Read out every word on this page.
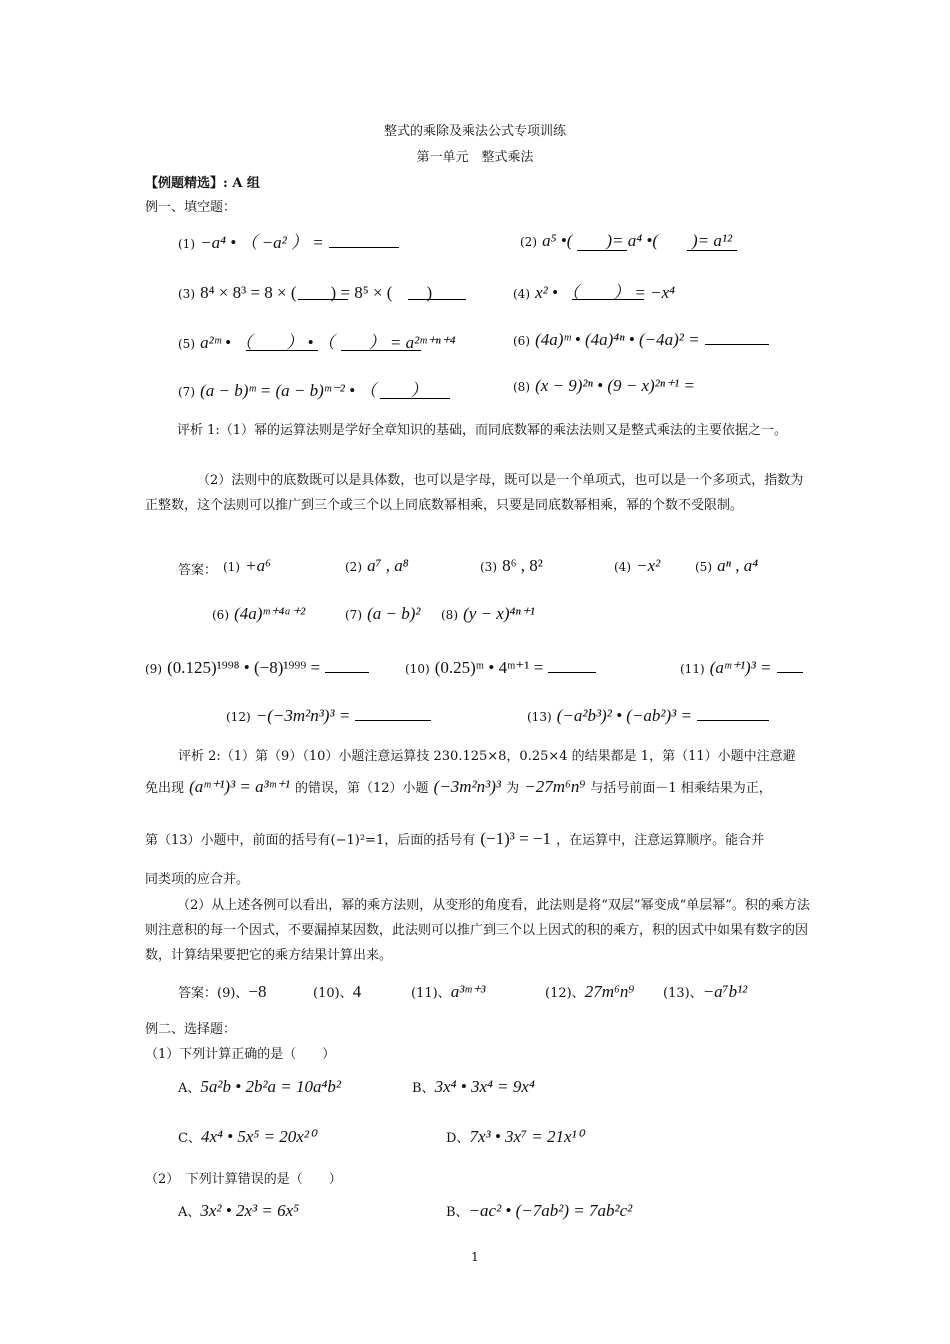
整式的乘除及乘法公式专项训练
第一单元　整式乘法
【例题精选】: A 组
例一、填空题：
(1) −a⁴ • （ −a² ） =	(2) a⁵ •(　　)= a⁴ •(　　)= a¹²
(3) 8⁴ × 8³ = 8 × (　　) = 8⁵ × (　　)	(4) x² • （　　） = −x⁴
(5) a²ᵐ • （　　） • （　　） = a²ᵐ⁺ⁿ⁺⁴	(6) (4a)ᵐ • (4a)⁴ⁿ • (−4a)² =
(7) (a − b)ᵐ = (a − b)ᵐ⁻² • （　　）	(8) (x − 9)²ⁿ • (9 − x)²ⁿ⁺¹ =
评析 1:（1）幂的运算法则是学好全章知识的基础，而同底数幂的乘法法则又是整式乘法的主要依据之一。
（2）法则中的底数既可以是具体数，也可以是字母，既可以是一个单项式，也可以是一个多项式，指数为正整数，这个法则可以推广到三个或三个以上同底数幂相乘，只要是同底数幂相乘，幂的个数不受限制。
答案： (1) +a⁶	(2) a⁷ , a⁸	(3) 8⁶ , 8²	(4) −x²	(5) aⁿ , a⁴
(6) (4a)ᵐ⁺⁴ᵃ⁺²	(7) (a − b)² (8) (y − x)⁴ⁿ⁺¹
(9) (0.125)¹⁹⁹⁸ • (−8)¹⁹⁹⁹ =	(10) (0.25)ᵐ • 4ᵐ⁺¹ =	(11) (aᵐ⁺¹)³ =
(12) −(−3m²n³)³ =	(13) (−a²b³)² • (−ab²)³ =
评析 2:（1）第（9）（10）小题注意运算技 230.125×8，0.25×4 的结果都是 1，第（11）小题中注意避
免出现 (aᵐ⁺¹)³ = a³ᵐ⁺¹ 的错误，第（12）小题 (−3m²n³)³ 为 −27m⁶n⁹ 与括号前面－1 相乘结果为正，
第（13）小题中，前面的括号有(−1)²=1，后面的括号有 (−1)³ = −1 ，在运算中，注意运算顺序。能合并
同类项的应合并。
（2）从上述各例可以看出，幂的乘方法则，从变形的角度看，此法则是将“双层”幂变成“单层幂”。积的乘方法则注意积的每一个因式，不要漏掉某因数，此法则可以推广到三个以上因式的积的乘方，积的因式中如果有数字的因数，计算结果要把它的乘方结果计算出来。
答案：(9)、−8	(10)、4	(11)、a³ᵐ⁺³	(12)、27m⁶n⁹ (13)、−a⁷b¹²
例二、选择题：
（1）下列计算正确的是（　　）
A、5a²b • 2b²a = 10a⁴b²	B、3x⁴ • 3x⁴ = 9x⁴
C、4x⁴ • 5x⁵ = 20x²⁰	D、7x³ • 3x⁷ = 21x¹⁰
（2）　下列计算错误的是（　　）
A、3x² • 2x³ = 6x⁵	B、−ac² • (−7ab²) = 7ab²c²
1
